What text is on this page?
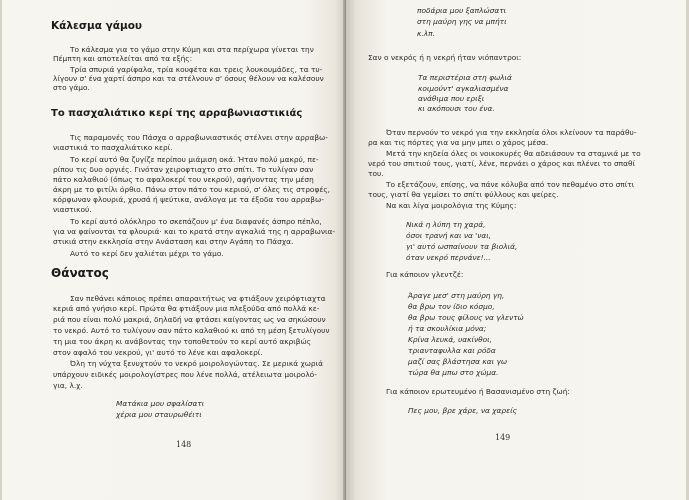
Κάλεσμα γάμου
Το κάλεσμα για το γάμο στην Κύμη και στα περίχωρα γίνεται την
Πέμπτη και αποτελείται από τα εξής:
Τρία σπυριά γαρίφαλα, τρία κουφέτα και τρεις λουκουμάδες, τα τυ-
λίγουν σ' ένα χαρτί άσπρο και τα στέλνουν σ' όσους θέλουν να καλέσουν
στο γάμο.
Το πασχαλιάτικο κερί της αρραβωνιαστικιάς
Τις παραμονές του Πάσχα ο αρραβωνιαστικός στέλνει στην αρραβω-
νιαστικιά το πασχαλιάτικο κερί.
Το κερί αυτό θα ζυγίζε περίπου μιάμιση οκά. Ήταν πολύ μακρύ, πε-
ρίπου τις δυο οργιές. Γινόταν χειροφτιαχτο στο σπίτι. Το τυλίγαν σαν
πάτο καλαθιού (όπως το αφαλοκερί του νεκρού), αφήνοντας την μέση
άκρη με το φιτίλι όρθιο. Πάνω στον πάτο του κεριού, σ' όλες τις στροφές,
κόρφωναν φλουριά, χρυσά ή ψεύτικα, ανάλογα με τα έξοδα του αρραβω-
νιαστικού.
Το κερί αυτό ολόκληρο το σκεπάζουν μ' ένα διαφανές άσπρο πέπλο,
για να φαίνονται τα φλουριά· και το κρατά στην αγκαλιά της η αρραβωνια-
στικιά στην εκκλησία στην Ανάσταση και στην Αγάπη το Πάσχα.
Αυτό το κερί δεν χαλιέται μέχρι το γάμο.
Θάνατος
Σαν πεθάνει κάποιος πρέπει απαραιτήτως να φτιάξουν χειρόφτιαχτα
κεριά από γνήσιο κερί. Πρώτα θα φτιάξουν μια πλεξούδα από πολλά κε-
ριά που είναι πολύ μακριά, δηλαδή να φτάσει καίγοντας ως να σηκώσουν
το νεκρό. Αυτό το τυλίγουν σαν πάτο καλαθιού κι από τη μέση ξετυλίγουν
τη μια του άκρη κι ανάβοντας την τοποθετούν το κερί αυτό ακριβώς
στον αφαλό του νεκρού, γι' αυτό το λένε και αφαλοκερί.
Όλη τη νύχτα ξενυχτούν το νεκρό μοιρολογώντας. Σε μερικά χωριά
υπάρχουν ειδικές μοιρολογίστρες που λένε πολλά, ατέλειωτα μοιρολό-
για, λ.χ.
Ματάκια μου σφαλίσατι
χέρια μου σταυρωθέιτι
148
ποδάρια μου ξαπλώσατι
στη μαύρη γης να μπήτι
κ.λπ.
Σαν ο νεκρός ή η νεκρή ήταν νιόπαντροι:
Τα περιστέρια στη φωλιά
κοιμούντ' αγκαλιασμένα
ανάθιμα που εριξι
κι ακόπουσι του ένα.
Όταν περνούν το νεκρό για την εκκλησία όλοι κλείνουν τα παράθυ-
ρα και τις πόρτες για να μην μπει ο χάρος μέσα.
Μετά την κηδεία όλες οι νοικοκυρές θα αδειάσουν τα σταμνιά με το
νερό του σπιτιού τους, γιατί, λένε, περνάει ο χάρος και πλένει το σπαθί
του.
Το εξετάζουν, επίσης, να πάνε κόλυβα από τον πεθαμένο στο σπίτι
τους, γιατί θα γεμίσει το σπίτι φύλλους και ψείρες.
Να και λίγα μοιρολόγια της Κύμης:
Νικά η λύπη τη χαρά,
όσοι τρανή και να 'ναι,
γι' αυτό ωσπαίνουν τα βιολιά,
όταν νεκρό περνάνε!...
Για κάποιον γλεντζέ:
Άραγε μεσ' στη μαύρη γη,
θα βρω τον ίδιο κόσμο,
θα βρω τους φίλους να γλεντώ
ή τα σκουλίκια μόνα;
Κρίνα λευκά, υακίνθοι,
τριανταφυλλα και ρόδα
μαζί σας βλάστησα και γω
τώρα θα μπω στο χώμα.
Για κάποιον ερωτευμένο ή Βασανισμένο στη ζωή:
Πες μου, βρε χάρε, να χαρείς
149
